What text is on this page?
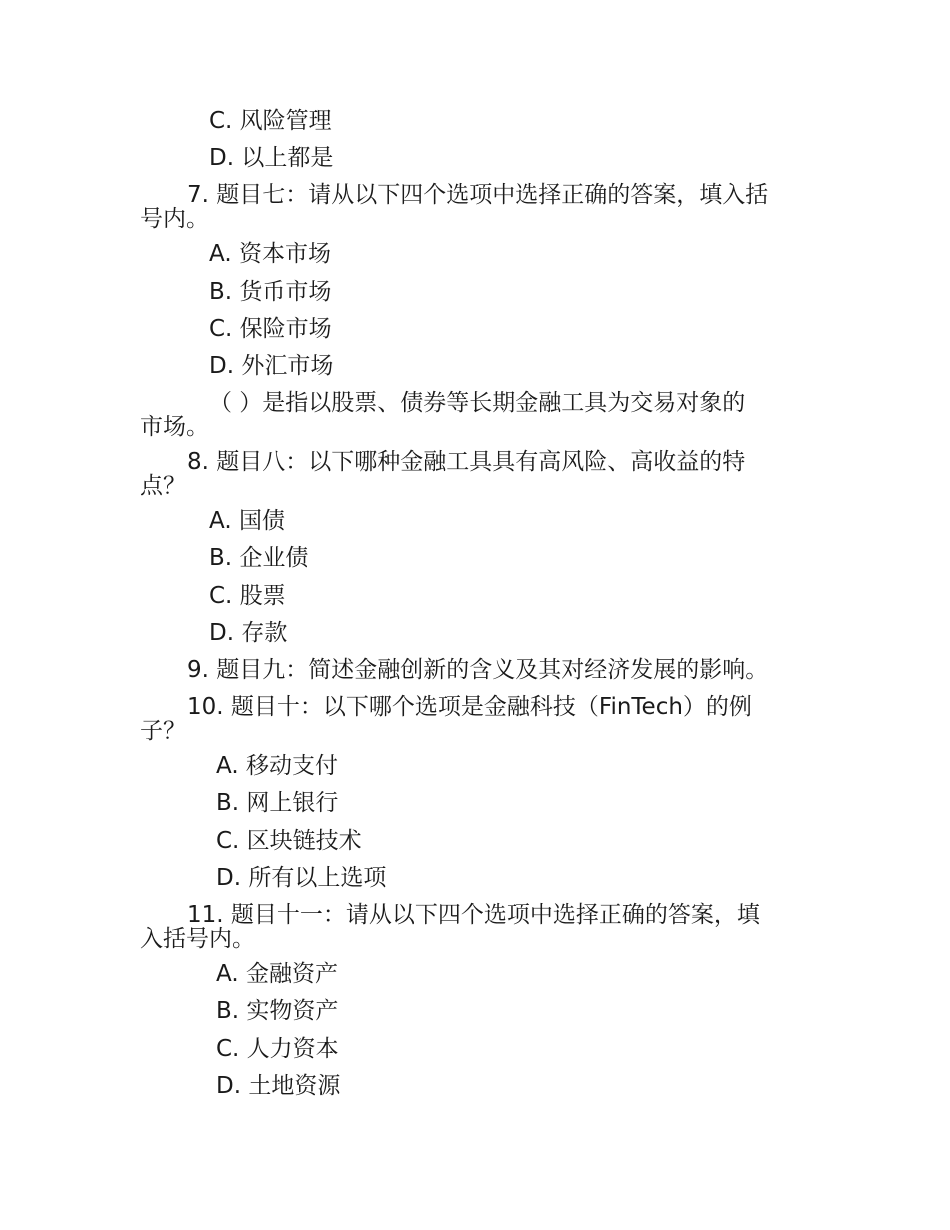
C. 风险管理
D. 以上都是
7. 题目七：请从以下四个选项中选择正确的答案，填入括
号内。
A. 资本市场
B. 货币市场
C. 保险市场
D. 外汇市场
（ ）是指以股票、债券等长期金融工具为交易对象的
市场。
8. 题目八：以下哪种金融工具具有高风险、高收益的特
点？
A. 国债
B. 企业债
C. 股票
D. 存款
9. 题目九：简述金融创新的含义及其对经济发展的影响。
10. 题目十：以下哪个选项是金融科技（FinTech）的例
子？
A. 移动支付
B. 网上银行
C. 区块链技术
D. 所有以上选项
11. 题目十一：请从以下四个选项中选择正确的答案，填
入括号内。
A. 金融资产
B. 实物资产
C. 人力资本
D. 土地资源
